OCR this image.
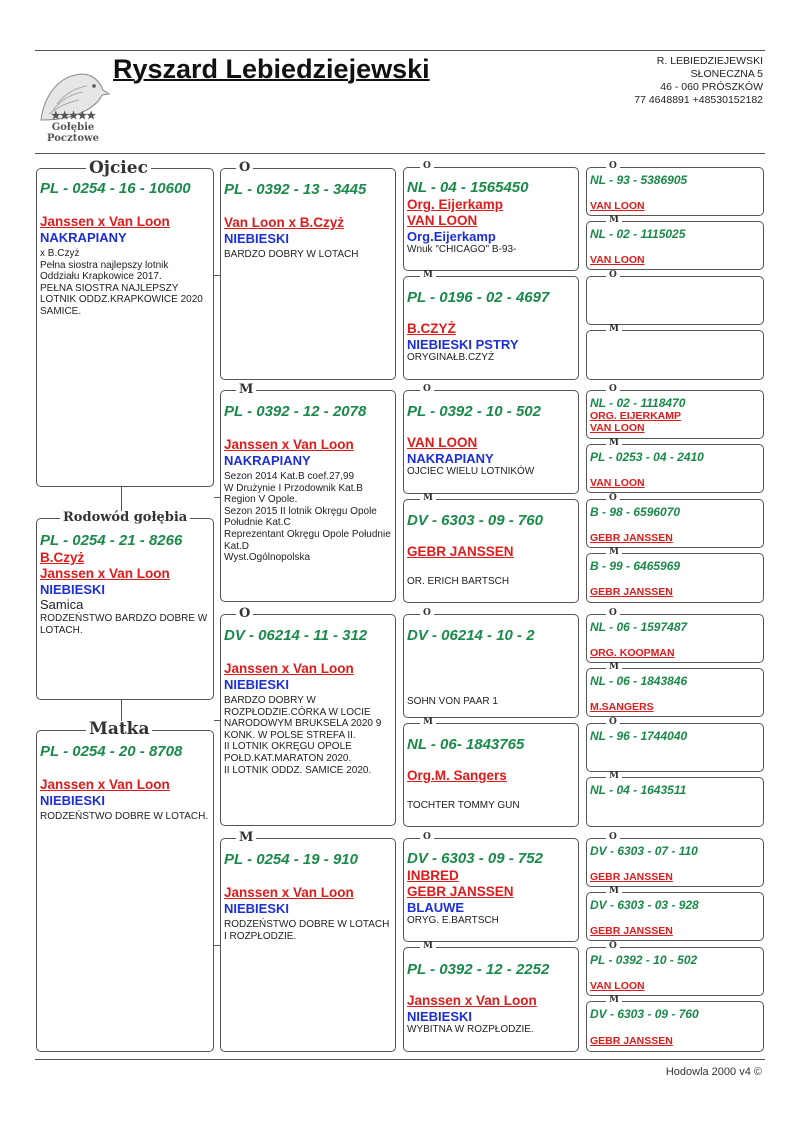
★★★★★
Gołębie
Pocztowe
Ryszard Lebiedziejewski	R. LEBIEDZIEJEWSKI
SŁONECZNA 5
46 - 060 PRÓSZKÓW
77 4648891 +48530152182
PL - 0254 - 16 - 10600
Janssen x Van Loon
NAKRAPIANY
x B.Czyż
Pełna siostra najlepszy lotnik Oddziału Krapkowice 2017.
PEŁNA SIOSTRA NAJLEPSZY LOTNIK ODDZ.KRAPKOWICE 2020 SAMICE.
Ojciec
PL - 0254 - 21 - 8266
B.Czyż
Janssen x Van Loon
NIEBIESKI
Samica
RODZEŃSTWO BARDZO DOBRE W LOTACH.
Rodowód gołębia
PL - 0254 - 20 - 8708
Janssen x Van Loon
NIEBIESKI
RODZEŃSTWO DOBRE W LOTACH.
Matka
PL - 0392 - 13 - 3445
Van Loon x B.Czyż
NIEBIESKI
BARDZO DOBRY W LOTACH
O
PL - 0392 - 12 - 2078
Janssen x Van Loon
NAKRAPIANY
Sezon 2014 Kat.B coef.27,99
W Drużynie I Przodownik Kat.B Region V Opole.
Sezon 2015 II lotnik Okręgu Opole Południe Kat.C
Reprezentant Okręgu Opole Południe Kat.D
Wyst.Ogólnopolska
M
DV - 06214 - 11 - 312
Janssen x Van Loon
NIEBIESKI
BARDZO DOBRY W ROZPŁODZIE.CÓRKA W LOCIE NARODOWYM BRUKSELA 2020 9 KONK. W POLSE STREFA II.
II LOTNIK OKRĘGU OPOLE POŁD.KAT.MARATON 2020.
II LOTNIK ODDZ. SAMICE 2020.
O
PL - 0254 - 19 - 910
Janssen x Van Loon
NIEBIESKI
RODZEŃSTWO DOBRE W LOTACH I ROZPŁODZIE.
M
NL - 04 - 1565450
Org. Eijerkamp
VAN LOON
Org.Eijerkamp
Wnuk "CHICAGO" B-93-
O
PL - 0196 - 02 - 4697
B.CZYŻ
NIEBIESKI PSTRY
ORYGINAŁB.CZYŻ
M
PL - 0392 - 10 - 502
VAN LOON
NAKRAPIANY
OJCIEC WIELU LOTNIKÓW
O
DV - 6303 - 09 - 760
GEBR JANSSEN
OR. ERICH BARTSCH
M
DV - 06214 - 10 - 2
SOHN VON PAAR 1
O
NL - 06- 1843765
Org.M. Sangers
TOCHTER TOMMY GUN
M
DV - 6303 - 09 - 752
INBRED
GEBR JANSSEN
BLAUWE
ORYG. E.BARTSCH
O
PL - 0392 - 12 - 2252
Janssen x Van Loon
NIEBIESKI
WYBITNA W ROZPŁODZIE.
M
NL - 93 - 5386905
VAN LOON
O
NL - 02 - 1115025
VAN LOON
M
O
M
NL - 02 - 1118470
ORG. EIJERKAMP
VAN LOON
O
PL - 0253 - 04 - 2410
VAN LOON
M
B - 98 - 6596070
GEBR JANSSEN
O
B - 99 - 6465969
GEBR JANSSEN
M
NL - 06 - 1597487
ORG. KOOPMAN
O
NL - 06 - 1843846
M.SANGERS
M
NL - 96 - 1744040
O
NL - 04 - 1643511
M
DV - 6303 - 07 - 110
GEBR JANSSEN
O
DV - 6303 - 03 - 928
GEBR JANSSEN
M
PL - 0392 - 10 - 502
VAN LOON
O
DV - 6303 - 09 - 760
GEBR JANSSEN
M
Hodowla 2000 v4 ©
